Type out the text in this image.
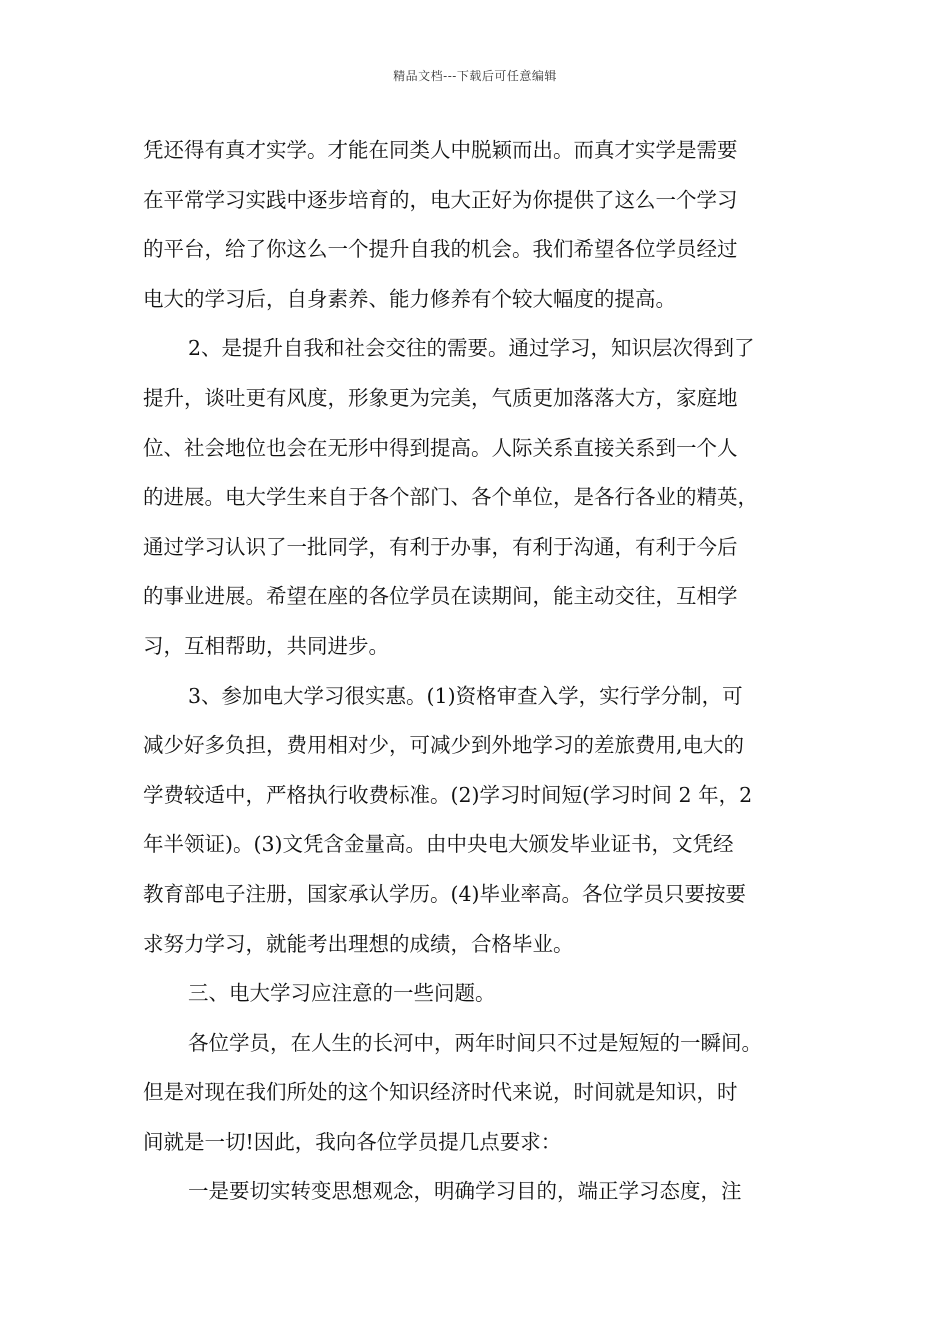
精品文档---下载后可任意编辑
凭还得有真才实学。才能在同类人中脱颖而出。而真才实学是需要
在平常学习实践中逐步培育的，电大正好为你提供了这么一个学习
的平台，给了你这么一个提升自我的机会。我们希望各位学员经过
电大的学习后，自身素养、能力修养有个较大幅度的提高。
2、是提升自我和社会交往的需要。通过学习，知识层次得到了
提升，谈吐更有风度，形象更为完美，气质更加落落大方，家庭地
位、社会地位也会在无形中得到提高。人际关系直接关系到一个人
的进展。电大学生来自于各个部门、各个单位，是各行各业的精英，
通过学习认识了一批同学，有利于办事，有利于沟通，有利于今后
的事业进展。希望在座的各位学员在读期间，能主动交往，互相学
习，互相帮助，共同进步。
3、参加电大学习很实惠。(1)资格审查入学，实行学分制，可
减少好多负担，费用相对少，可减少到外地学习的差旅费用,电大的
学费较适中，严格执行收费标准。(2)学习时间短(学习时间 2 年，2
年半领证)。(3)文凭含金量高。由中央电大颁发毕业证书，文凭经
教育部电子注册，国家承认学历。(4)毕业率高。各位学员只要按要
求努力学习，就能考出理想的成绩，合格毕业。
三、电大学习应注意的一些问题。
各位学员，在人生的长河中，两年时间只不过是短短的一瞬间。
但是对现在我们所处的这个知识经济时代来说，时间就是知识，时
间就是一切!因此，我向各位学员提几点要求：
一是要切实转变思想观念，明确学习目的，端正学习态度，注
